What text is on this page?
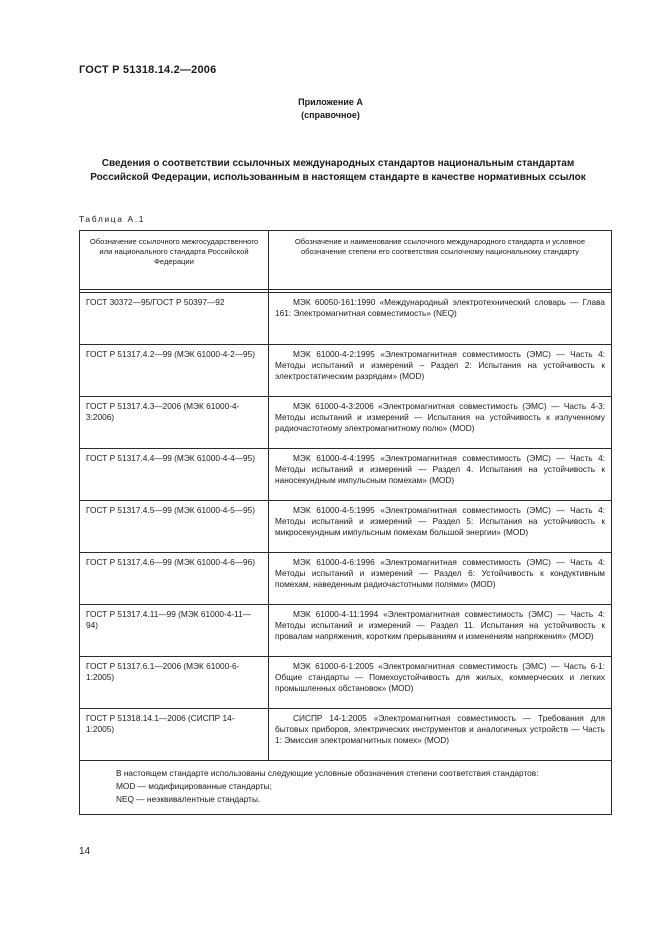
ГОСТ Р 51318.14.2—2006
Приложение А
(справочное)
Сведения о соответствии ссылочных международных стандартов национальным стандартам Российской Федерации, использованным в настоящем стандарте в качестве нормативных ссылок
Таблица А.1
Обозначение ссылочного межгосударственного или национального стандарта Российской Федерации	Обозначение и наименование ссылочного международного стандарта и условное обозначение степени его соответствия ссылочному национальному стандарту

ГОСТ 30372—95/ГОСТ Р 50397—92	МЭК 60050-161:1990 «Международный электротехнический словарь — Глава 161: Электромагнитная совместимость» (NEQ)

ГОСТ Р 51317.4.2—99 (МЭК 61000-4-2—95)	МЭК 61000-4-2:1995 «Электромагнитная совместимость (ЭМС) — Часть 4: Методы испытаний и измерений – Раздел 2: Испытания на устойчивость к электростатическим разрядам» (MOD)

ГОСТ Р 51317.4.3—2006 (МЭК 61000-4-3:2006)	МЭК 61000-4-3:2006 «Электромагнитная совместимость (ЭМС) — Часть 4-3: Методы испытаний и измерений — Испытания на устойчивость к излученному радиочастотному электромагнитному полю» (MOD)

ГОСТ Р 51317.4.4—99 (МЭК 61000-4-4—95)	МЭК 61000-4-4:1995 «Электромагнитная совместимость (ЭМС) — Часть 4: Методы испытаний и измерений — Раздел 4. Испытания на устойчивость к наносекундным импульсным помехам» (MOD)

ГОСТ Р 51317.4.5—99 (МЭК 61000-4-5—95)	МЭК 61000-4-5:1995 «Электромагнитная совместимость (ЭМС) — Часть 4: Методы испытаний и измерений — Раздел 5: Испытания на устойчивость к микросекундным импульсным помехам большой энергии» (MOD)

ГОСТ Р 51317.4.6—99 (МЭК 61000-4-6—96)	МЭК 61000-4-6:1996 «Электромагнитная совместимость (ЭМС) — Часть 4: Методы испытаний и измерений — Раздел 6: Устойчивость к кондуктивным помехам, наведенным радиочастотными полями» (MOD)

ГОСТ Р 51317.4.11—99 (МЭК 61000-4-11—94)	МЭК 61000-4-11:1994 «Электромагнитная совместимость (ЭМС) — Часть 4: Методы испытаний и измерений — Раздел 11. Испытания на устойчивость к провалам напряжения, коротким прерываниям и изменениям напряжения» (MOD)

ГОСТ Р 51317.6.1—2006 (МЭК 61000-6-1:2005)	МЭК 61000-6-1:2005 «Электромагнитная совместимость (ЭМС) — Часть 6-1: Общие стандарты — Помехоустойчивость для жилых, коммерческих и легких промышленных обстановок» (MOD)

ГОСТ Р 51318.14.1—2006 (СИСПР 14-1:2005)	СИСПР 14-1:2005 «Электромагнитная совместимость — Требования для бытовых приборов, электрических инструментов и аналогичных устройств — Часть 1: Эмиссия электромагнитных помех» (MOD)

В настоящем стандарте использованы следующие условные обозначения степени соответствия стандартов:
MOD — модифицированные стандарты;
NEQ — неэквивалентные стандарты.	
14
